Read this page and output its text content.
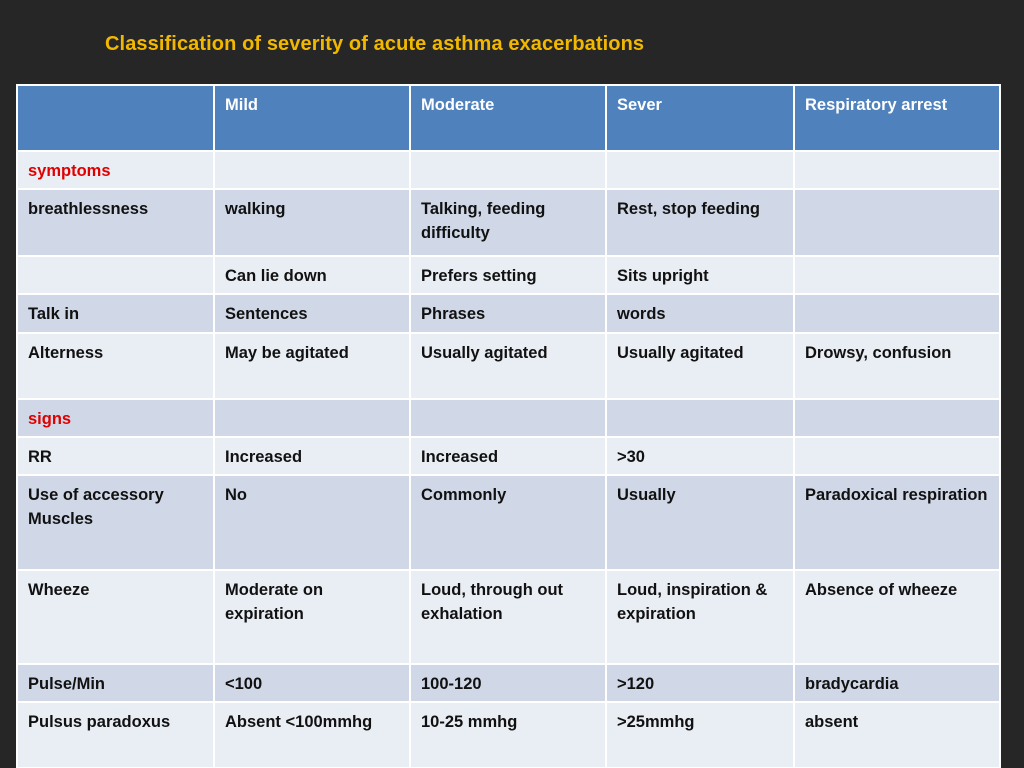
Classification of severity of acute asthma exacerbations
	Mild	Moderate	Sever	Respiratory arrest
symptoms				
breathlessness	walking	Talking, feeding difficulty	Rest, stop feeding	
	Can lie down	Prefers setting	Sits upright	
Talk in	Sentences	Phrases	words	
Alterness	May be agitated	Usually agitated	Usually agitated	Drowsy, confusion
signs				
RR	Increased	Increased	>30	
Use of accessory Muscles	No	Commonly	Usually	Paradoxical respiration
Wheeze	Moderate on expiration	Loud, through out exhalation	Loud, inspiration & expiration	Absence of wheeze
Pulse/Min	<100	100-120	>120	bradycardia
Pulsus paradoxus	Absent <100mmhg	10-25 mmhg	>25mmhg	absent
